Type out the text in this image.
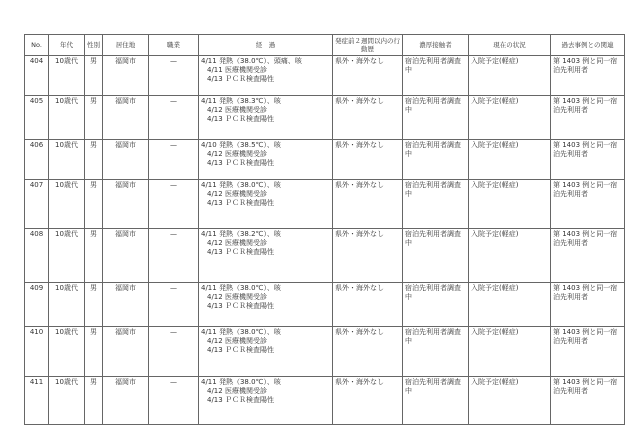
No.	年代	性別	居住地	職業	経　過	発症前２週間以内の行動歴	濃厚接触者	現在の状況	過去事例との関連
404	10歳代	男	福岡市	—	4/11 発熱（38.0℃）、頭痛、咳
4/11 医療機関受診
4/13 ＰＣＲ検査陽性	県外・海外なし	宿泊先利用者調査中	入院予定(軽症)	第 1403 例と同一宿泊先利用者
405	10歳代	男	福岡市	—	4/11 発熱（38.3℃）、咳
4/12 医療機関受診
4/13 ＰＣＲ検査陽性	県外・海外なし	宿泊先利用者調査中	入院予定(軽症)	第 1403 例と同一宿泊先利用者
406	10歳代	男	福岡市	—	4/10 発熱（38.5℃）、咳
4/12 医療機関受診
4/13 ＰＣＲ検査陽性	県外・海外なし	宿泊先利用者調査中	入院予定(軽症)	第 1403 例と同一宿泊先利用者
407	10歳代	男	福岡市	—	4/11 発熱（38.0℃）、咳
4/12 医療機関受診
4/13 ＰＣＲ検査陽性	県外・海外なし	宿泊先利用者調査中	入院予定(軽症)	第 1403 例と同一宿泊先利用者
408	10歳代	男	福岡市	—	4/11 発熱（38.2℃）、咳
4/12 医療機関受診
4/13 ＰＣＲ検査陽性	県外・海外なし	宿泊先利用者調査中	入院予定(軽症)	第 1403 例と同一宿泊先利用者
409	10歳代	男	福岡市	—	4/11 発熱（38.0℃）、咳
4/12 医療機関受診
4/13 ＰＣＲ検査陽性	県外・海外なし	宿泊先利用者調査中	入院予定(軽症)	第 1403 例と同一宿泊先利用者
410	10歳代	男	福岡市	—	4/11 発熱（38.0℃）、咳
4/12 医療機関受診
4/13 ＰＣＲ検査陽性	県外・海外なし	宿泊先利用者調査中	入院予定(軽症)	第 1403 例と同一宿泊先利用者
411	10歳代	男	福岡市	—	4/11 発熱（38.0℃）、咳
4/12 医療機関受診
4/13 ＰＣＲ検査陽性	県外・海外なし	宿泊先利用者調査中	入院予定(軽症)	第 1403 例と同一宿泊先利用者
